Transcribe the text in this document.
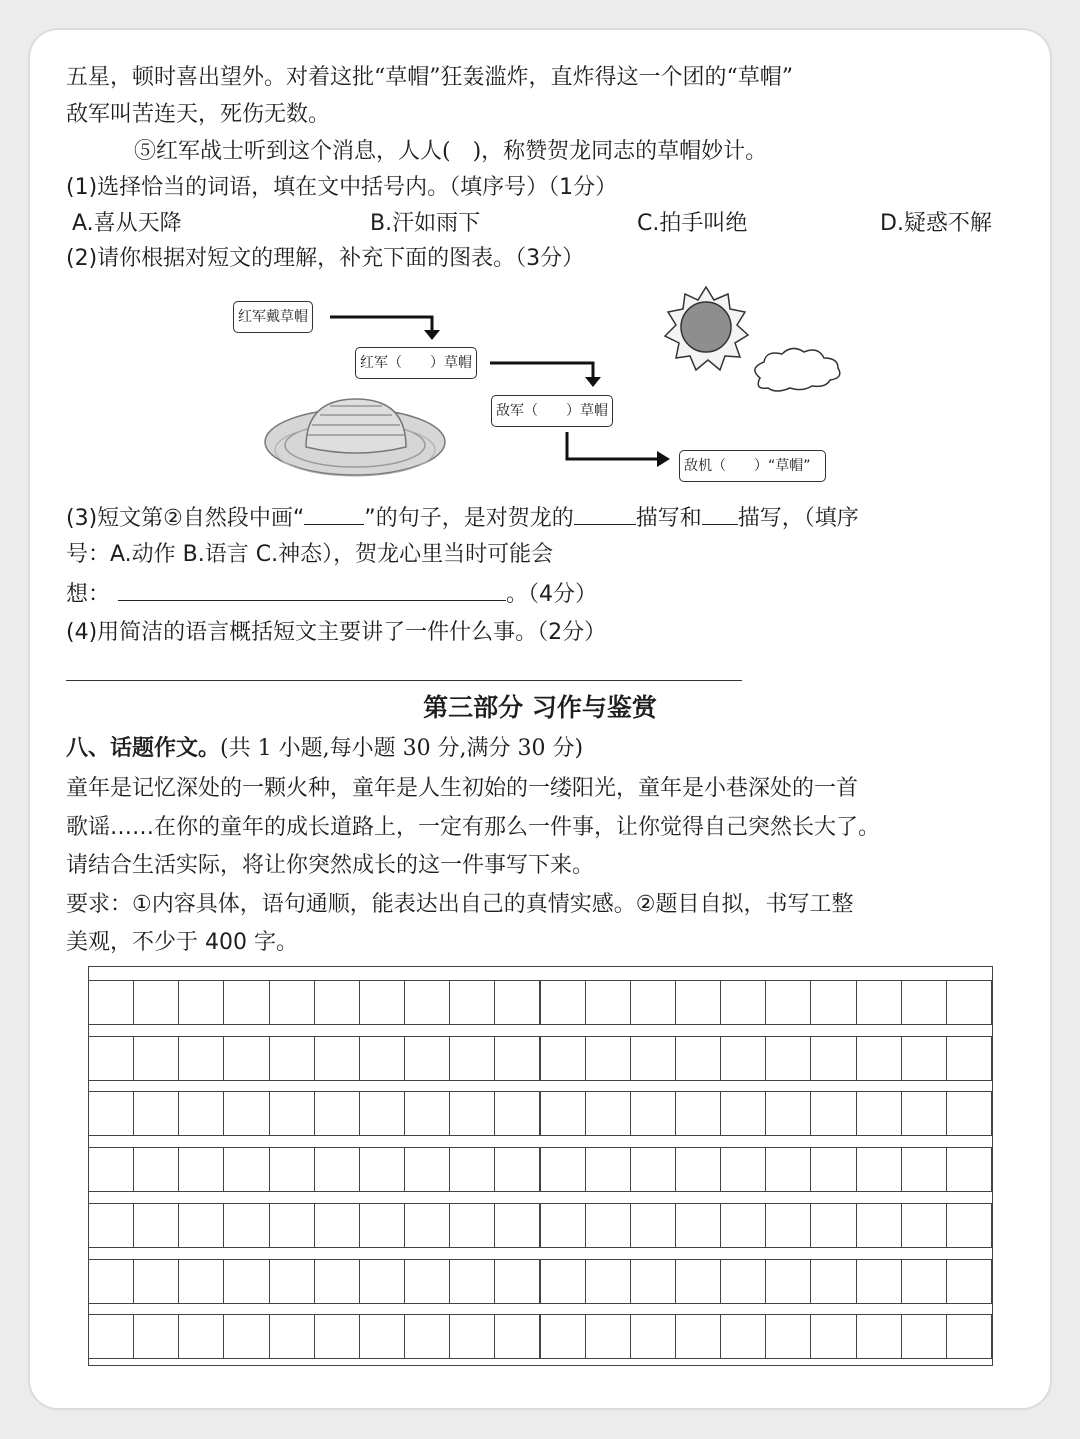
五星，顿时喜出望外。对着这批“草帽”狂轰滥炸，直炸得这一个团的“草帽”
敌军叫苦连天，死伤无数。
⑤红军战士听到这个消息，人人(　)，称赞贺龙同志的草帽妙计。
(1)选择恰当的词语，填在文中括号内。（填序号）（1分）
A.喜从天降	B.汗如雨下	C.拍手叫绝	D.疑惑不解
(2)请你根据对短文的理解，补充下面的图表。（3分）
红军戴草帽
红军（　　）草帽
敌军（　　）草帽
敌机（　　）“草帽”
(3)短文第②自然段中画“	”的句子，是对贺龙的	描写和 描写，（填序
号：A.动作 B.语言 C.神态），贺龙心里当时可能会
想：	。（4分）
(4)用简洁的语言概括短文主要讲了一件什么事。（2分）
第三部分 习作与鉴赏
八、话题作文。(共 1 小题,每小题 30 分,满分 30 分)
童年是记忆深处的一颗火种，童年是人生初始的一缕阳光，童年是小巷深处的一首
歌谣……在你的童年的成长道路上，一定有那么一件事，让你觉得自己突然长大了。
请结合生活实际，将让你突然成长的这一件事写下来。
要求：①内容具体，语句通顺，能表达出自己的真情实感。②题目自拟，书写工整
美观，不少于 400 字。
